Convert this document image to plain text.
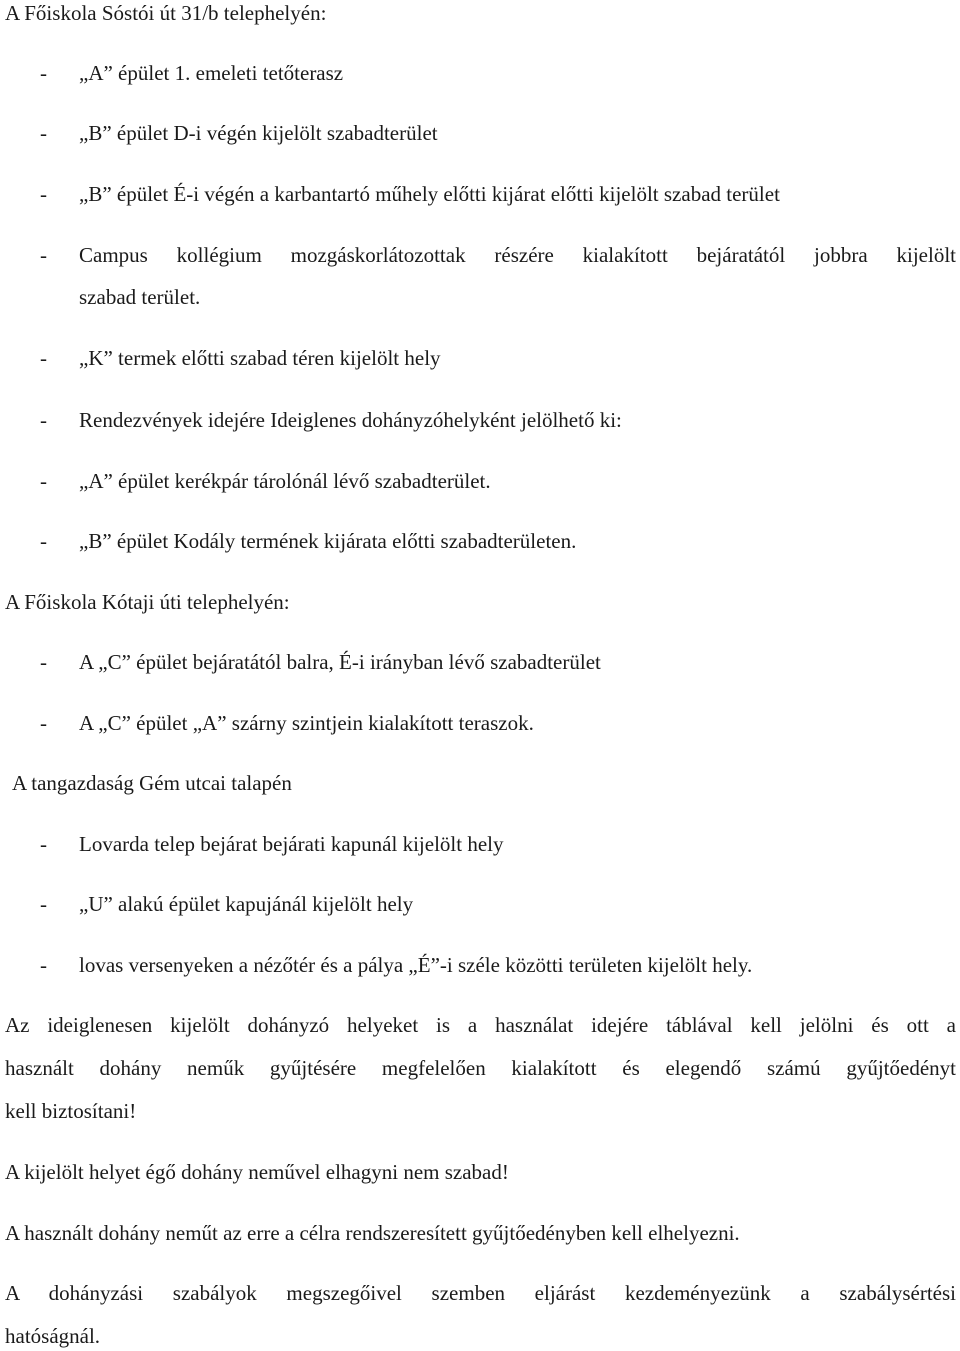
A Főiskola Sóstói út 31/b telephelyén:
- „A” épület 1. emeleti tetőterasz
- „B” épület D-i végén kijelölt szabadterület
- „B” épület É-i végén a karbantartó műhely előtti kijárat előtti kijelölt szabad terület
- Campus kollégium mozgáskorlátozottak részére kialakított bejáratától jobbra kijelölt
szabad terület.
- „K” termek előtti szabad téren kijelölt hely
- Rendezvények idejére Ideiglenes dohányzóhelyként jelölhető ki:
- „A” épület kerékpár tárolónál lévő szabadterület.
- „B” épület Kodály termének kijárata előtti szabadterületen.
A Főiskola Kótaji úti telephelyén:
- A „C” épület bejáratától balra, É-i irányban lévő szabadterület
- A „C” épület „A” szárny szintjein kialakított teraszok.
A tangazdaság Gém utcai talapén
- Lovarda telep bejárat bejárati kapunál kijelölt hely
- „U” alakú épület kapujánál kijelölt hely
- lovas versenyeken a nézőtér és a pálya „É”-i széle közötti területen kijelölt hely.
Az ideiglenesen kijelölt dohányzó helyeket is a használat idejére táblával kell jelölni és ott a
használt dohány neműk gyűjtésére megfelelően kialakított és elegendő számú gyűjtőedényt
kell biztosítani!
A kijelölt helyet égő dohány neművel elhagyni nem szabad!
A használt dohány neműt az erre a célra rendszeresített gyűjtőedényben kell elhelyezni.
A dohányzási szabályok megszegőivel szemben eljárást kezdeményezünk a szabálysértési
hatóságnál.
